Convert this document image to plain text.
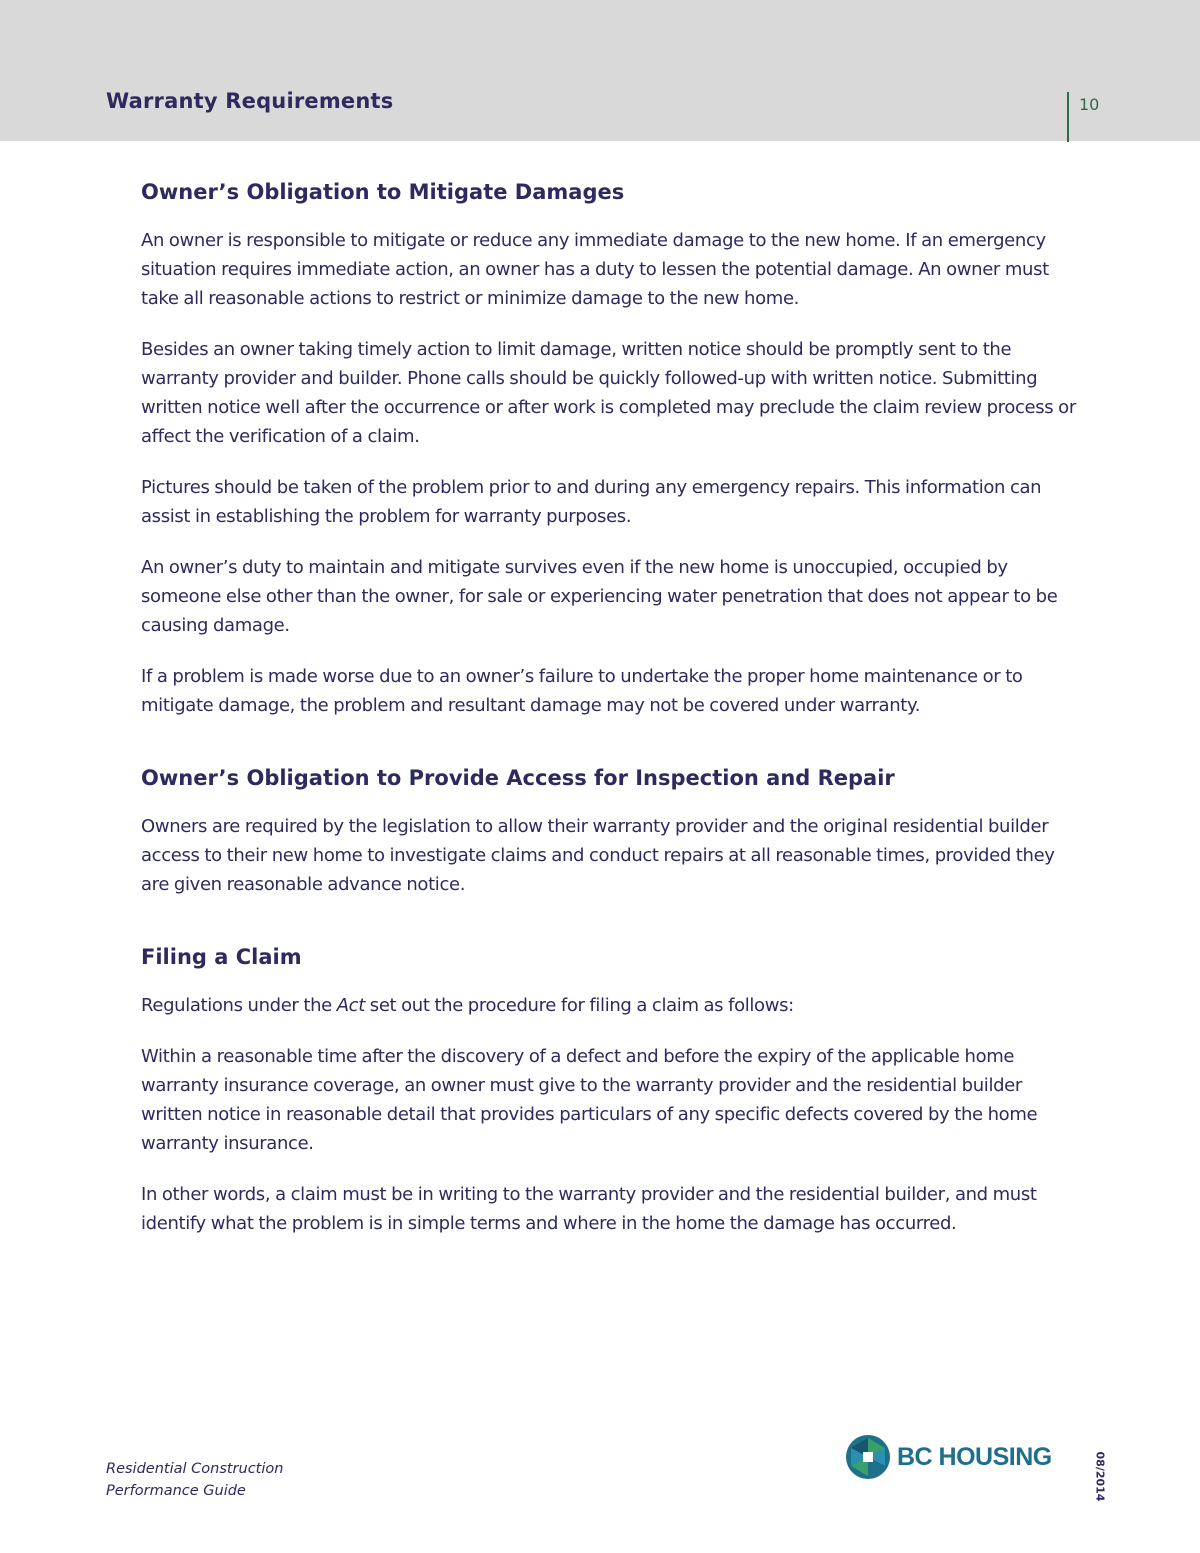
Warranty Requirements	10
Owner’s Obligation to Mitigate Damages

An owner is responsible to mitigate or reduce any immediate damage to the new home. If an emergency situation requires immediate action, an owner has a duty to lessen the potential damage. An owner must take all reasonable actions to restrict or minimize damage to the new home.

Besides an owner taking timely action to limit damage, written notice should be promptly sent to the warranty provider and builder. Phone calls should be quickly followed-up with written notice. Submitting written notice well after the occurrence or after work is completed may preclude the claim review process or affect the verification of a claim.

Pictures should be taken of the problem prior to and during any emergency repairs. This information can assist in establishing the problem for warranty purposes.

An owner’s duty to maintain and mitigate survives even if the new home is unoccupied, occupied by someone else other than the owner, for sale or experiencing water penetration that does not appear to be causing damage.

If a problem is made worse due to an owner’s failure to undertake the proper home maintenance or to mitigate damage, the problem and resultant damage may not be covered under warranty.

Owner’s Obligation to Provide Access for Inspection and Repair

Owners are required by the legislation to allow their warranty provider and the original residential builder access to their new home to investigate claims and conduct repairs at all reasonable times, provided they are given reasonable advance notice.

Filing a Claim

Regulations under the Act set out the procedure for filing a claim as follows:

Within a reasonable time after the discovery of a defect and before the expiry of the applicable home warranty insurance coverage, an owner must give to the warranty provider and the residential builder written notice in reasonable detail that provides particulars of any specific defects covered by the home warranty insurance.

In other words, a claim must be in writing to the warranty provider and the residential builder, and must identify what the problem is in simple terms and where in the home the damage has occurred.

Residential Construction
Performance Guide
BC HOUSING	08/2014
